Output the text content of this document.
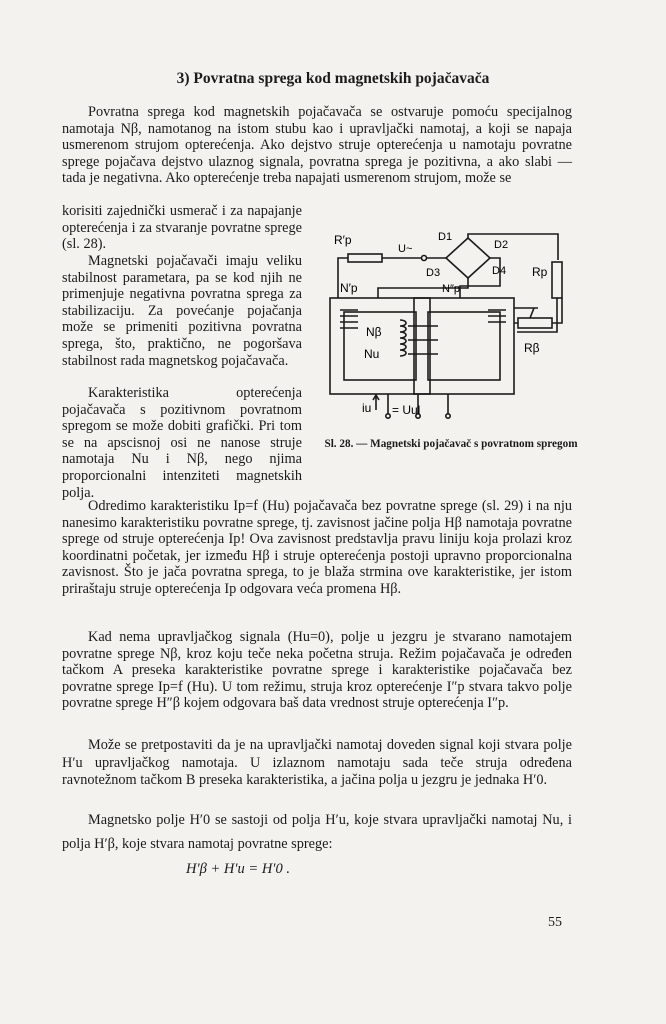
3) Povratna sprega kod magnetskih pojačavača

Povratna sprega kod magnetskih pojačavača se ostvaruje pomoću specijalnog namotaja Nβ, namotanog na istom stubu kao i upravljački namotaj, a koji se napaja usmerenom strujom opterećenja. Ako dejstvo struje opterećenja u namotaju povratne sprege pojačava dejstvo ulaznog signala, povratna sprega je pozitivna, a ako slabi — tada je negativna. Ako opterećenje treba napajati usmerenom strujom, može se

korisiti zajednički usmerač i za napajanje opterećenja i za stvaranje povratne sprege (sl. 28).

Magnetski pojačavači imaju veliku stabilnost parametara, pa se kod njih ne primenjuje negativna povratna sprega za stabilizaciju. Za povećanje pojačanja može se primeniti pozitivna povratna sprega, što, praktično, ne pogoršava stabilnost rada magnetskog pojačavača.

Karakteristika opterećenja pojačavača s pozitivnom povratnom spregom se može dobiti grafički. Pri tom se na apscisnoj osi ne nanose struje namotaja Nu i Nβ, nego njima proporcionalni intenziteti magnetskih polja.

Odredimo karakteristiku Ip=f (Hu) pojačavača bez povratne sprege (sl. 29) i na nju nanesimo karakteristiku povratne sprege, tj. zavisnost jačine polja Hβ namotaja povratne sprege od struje opterećenja Ip! Ova zavisnost predstavlja pravu liniju koja prolazi kroz koordinatni početak, jer između Hβ i struje opterećenja postoji upravno proporcionalna zavisnost. Što je jača povratna sprega, to je blaža strmina ove karakteristike, jer istom priraštaju struje opterećenja Ip odgovara veća promena Hβ.

Kad nema upravljačkog signala (Hu=0), polje u jezgru je stvarano namotajem povratne sprege Nβ, kroz koju teče neka početna struja. Režim pojačavača je određen tačkom A preseka karakteristike povratne sprege i karakteristike pojačavača bez povratne sprege Ip=f (Hu). U tom režimu, struja kroz opterećenje I″p stvara takvo polje povratne sprege H″β kojem odgovara baš data vrednost struje opterećenja I″p.

Može se pretpostaviti da je na upravljački namotaj doveden signal koji stvara polje H′u upravljačkog namotaja. U izlaznom namotaju sada teče struja određena ravnotežnom tačkom B preseka karakteristika, a jačina polja u jezgru je jednaka H′0.

Magnetsko polje H′0 se sastoji od polja H′u, koje stvara upravljački namotaj Nu, i polja H′β, koje stvara namotaj povratne sprege:

H′β + H′u = H′0 .
R′p	D1
D2
D3	D4
U~
N′p	N″p
Rp
Nβ
Nu	Rβ
iu = Uul
Sl. 28. — Magnetski pojačavač s povratnom spregom
55
